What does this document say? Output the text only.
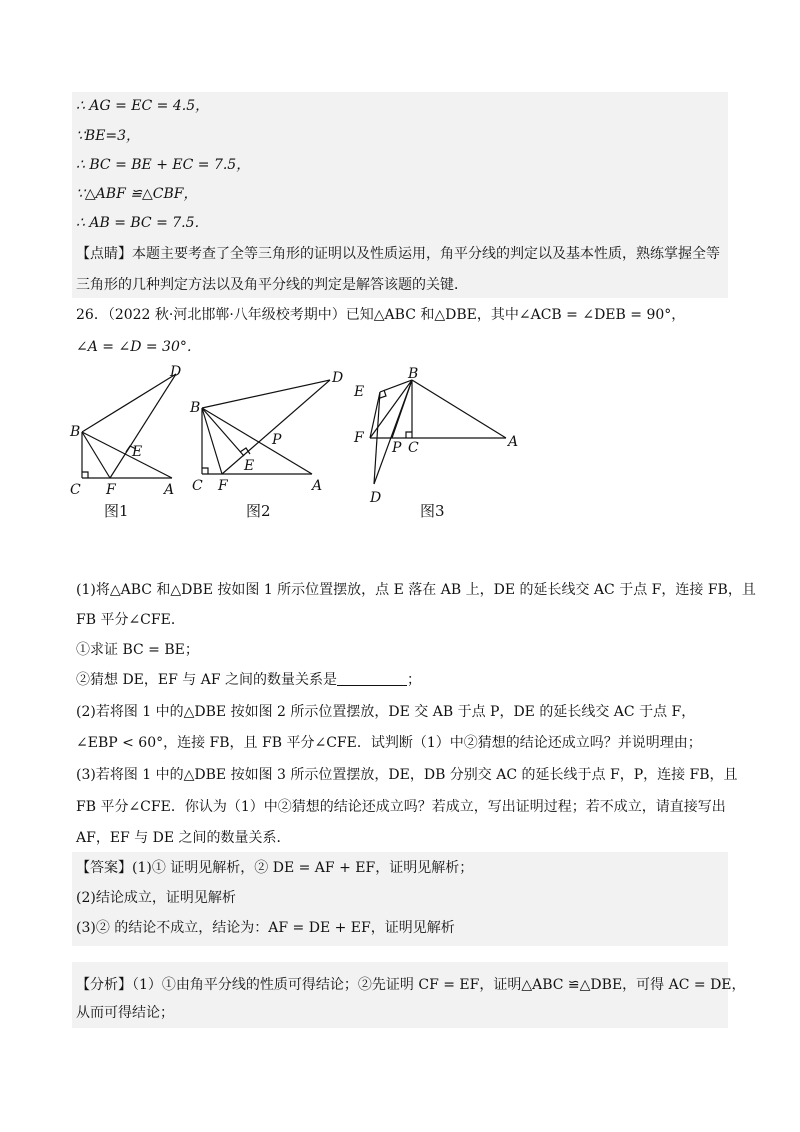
∴ AG = EC = 4.5，
∵BE=3，
∴ BC = BE + EC = 7.5，
∵△ABF ≌△CBF，
∴ AB = BC = 7.5．
【点睛】本题主要考查了全等三角形的证明以及性质运用，角平分线的判定以及基本性质，熟练掌握全等
三角形的几种判定方法以及角平分线的判定是解答该题的关键．
26．（2022 秋·河北邯郸·八年级校考期中）已知△ABC 和△DBE，其中∠ACB = ∠DEB = 90°，
∠A = ∠D = 30°．
D
B
E
C F	A
图1
D
B
P
E
C F	A
图2
B
E
F
P C	A
D
图3
(1)将△ABC 和△DBE 按如图 1 所示位置摆放，点 E 落在 AB 上，DE 的延长线交 AC 于点 F，连接 FB，且
FB 平分∠CFE．
①求证 BC = BE；
②猜想 DE，EF 与 AF 之间的数量关系是	；
(2)若将图 1 中的△DBE 按如图 2 所示位置摆放，DE 交 AB 于点 P，DE 的延长线交 AC 于点 F，
∠EBP < 60°，连接 FB，且 FB 平分∠CFE．试判断（1）中②猜想的结论还成立吗？并说明理由；
(3)若将图 1 中的△DBE 按如图 3 所示位置摆放，DE，DB 分别交 AC 的延长线于点 F，P，连接 FB，且
FB 平分∠CFE．你认为（1）中②猜想的结论还成立吗？若成立，写出证明过程；若不成立，请直接写出
AF，EF 与 DE 之间的数量关系．
【答案】(1)① 证明见解析，② DE = AF + EF，证明见解析；
(2)结论成立，证明见解析
(3)② 的结论不成立，结论为：AF = DE + EF，证明见解析
【分析】（1）①由角平分线的性质可得结论；②先证明 CF = EF，证明△ABC ≌△DBE，可得 AC = DE，
从而可得结论；
